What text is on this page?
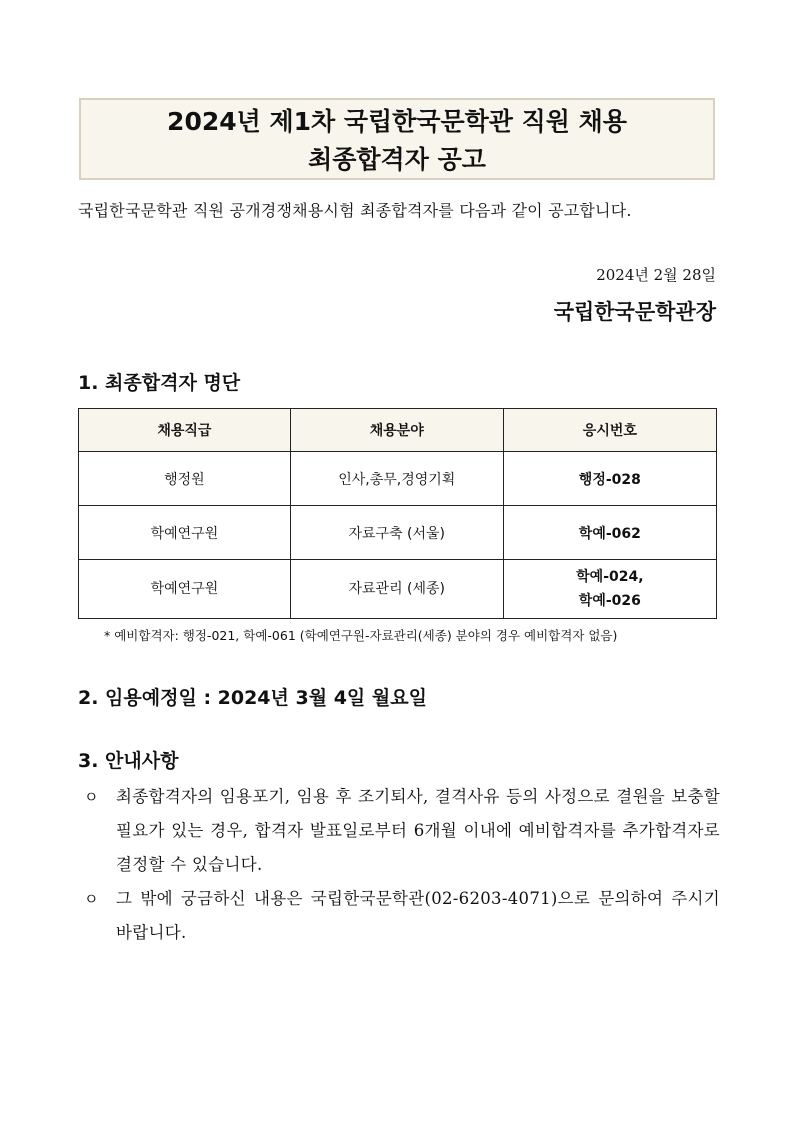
2024년 제1차 국립한국문학관 직원 채용
최종합격자 공고
국립한국문학관 직원 공개경쟁채용시험 최종합격자를 다음과 같이 공고합니다.
2024년 2월 28일
국립한국문학관장
1. 최종합격자 명단
채용직급	채용분야	응시번호
행정원	인사,총무,경영기획	행정-028
학예연구원	자료구축 (서울)	학예-062
학예연구원	자료관리 (세종)	학예-024,
학예-026
* 예비합격자: 행정-021, 학예-061 (학예연구원-자료관리(세종) 분야의 경우 예비합격자 없음)
2. 임용예정일 : 2024년 3월 4일 월요일
3. 안내사항
ㅇ	최종합격자의 임용포기, 임용 후 조기퇴사, 결격사유 등의 사정으로 결원을 보충할 필요가 있는 경우, 합격자 발표일로부터 6개월 이내에 예비합격자를 추가합격자로 결정할 수 있습니다.
ㅇ	그 밖에 궁금하신 내용은 국립한국문학관(02-6203-4071)으로 문의하여 주시기 바랍니다.
